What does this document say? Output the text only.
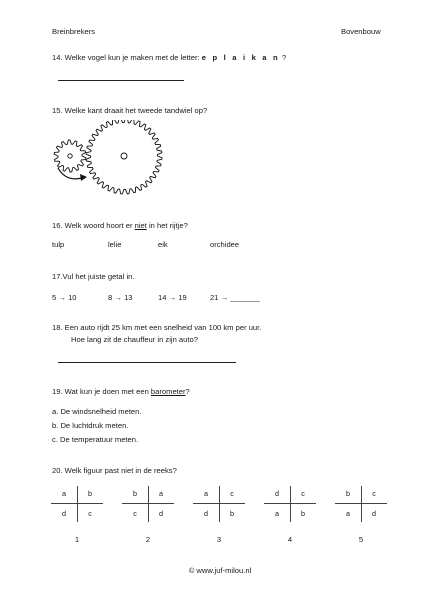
Breinbrekers	Bovenbouw
14. Welke vogel kun je maken met de letter: e p l a i k a n ?
15. Welke kant draait het tweede tandwiel op?
16. Welk woord hoort er niet in het rijtje?
tulp	lelie	eik	orchidee
17.Vul het juiste getal in.
5 → 10	8 → 13	14 → 19	21 → _______
18. Een auto rijdt 25 km met een snelheid van 100 km per uur.
Hoe lang zit de chauffeur in zijn auto?
19. Wat kun je doen met een barometer?
a. De windsnelheid meten.
b. De luchtdruk meten.
c. De temperatuur meten.
20. Welk figuur past niet in de reeks?
a	b
d	c
1
b	a
c	d
2
a	c
d	b
3
d	c
a	b
4
b	c
a	d
5
© www.juf-milou.nl
